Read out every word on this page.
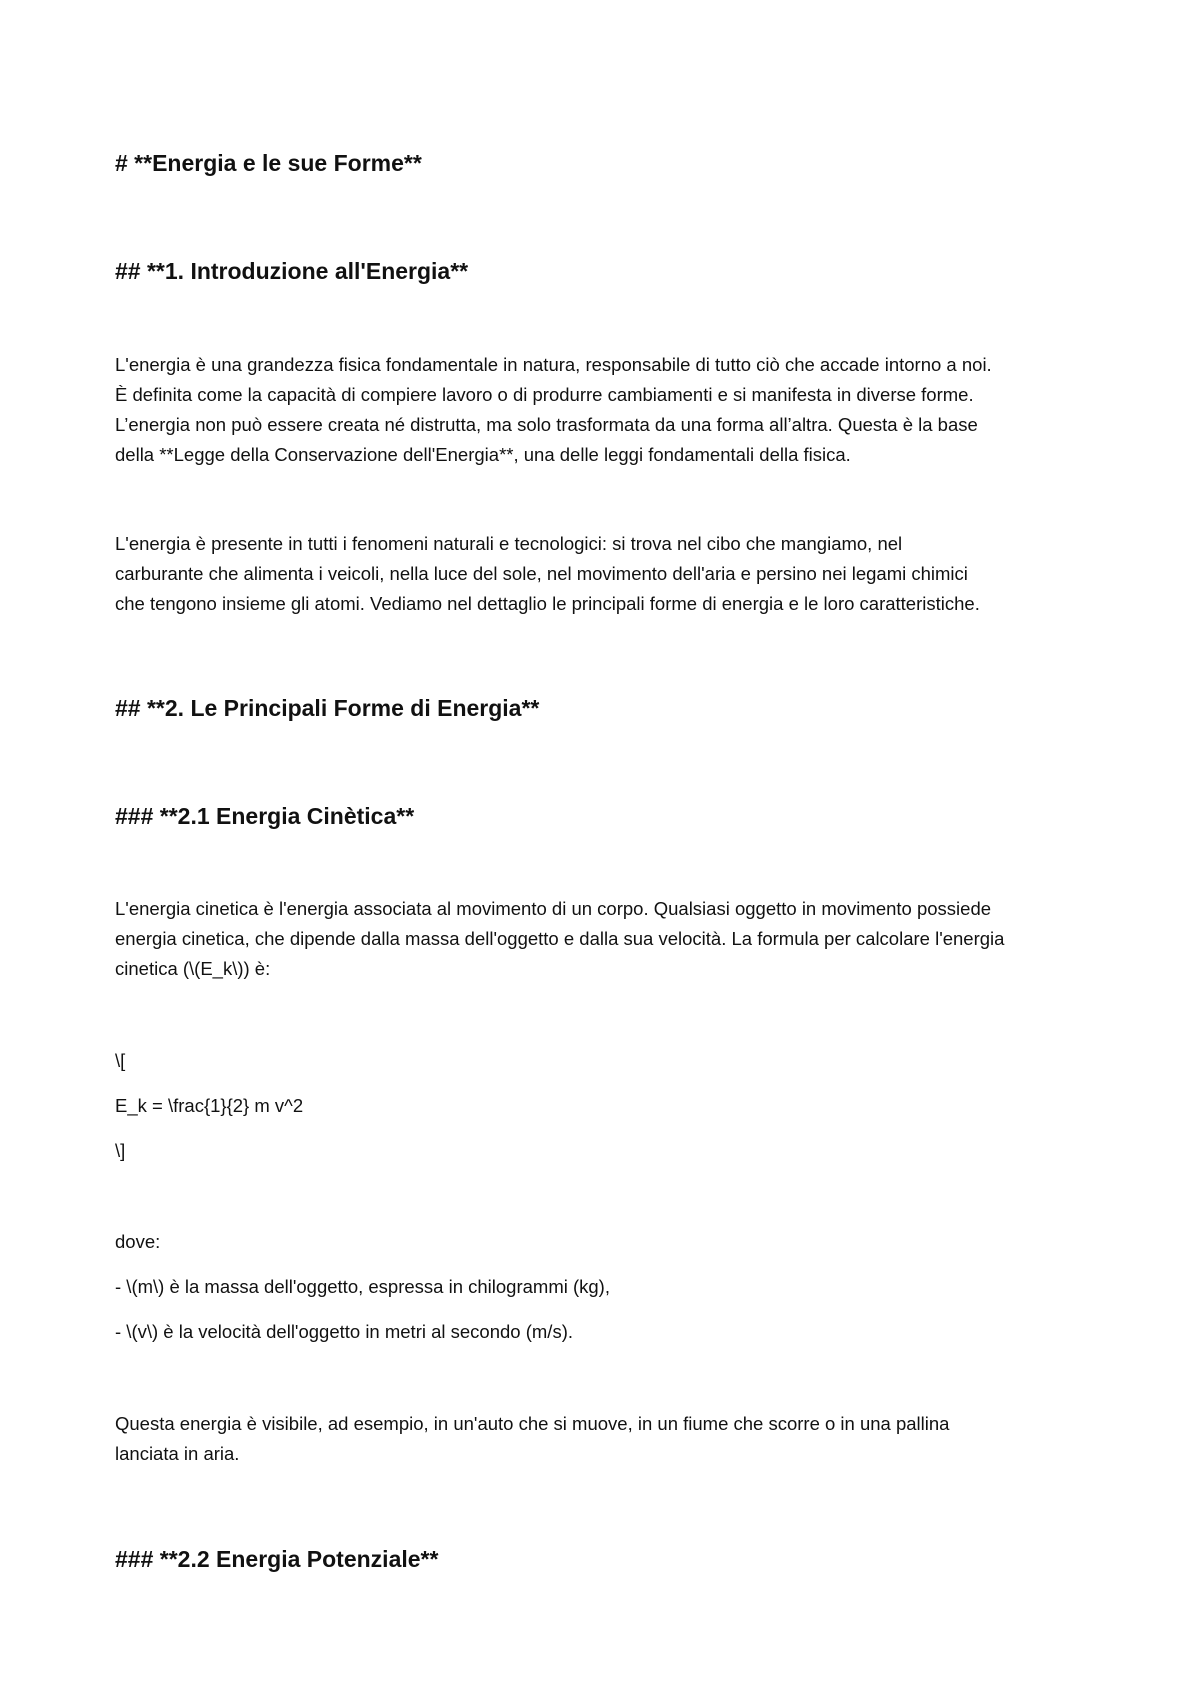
# **Energia e le sue Forme**
## **1. Introduzione all'Energia**

L'energia è una grandezza fisica fondamentale in natura, responsabile di tutto ciò che accade intorno a noi.
È definita come la capacità di compiere lavoro o di produrre cambiamenti e si manifesta in diverse forme.
L’energia non può essere creata né distrutta, ma solo trasformata da una forma all’altra. Questa è la base
della **Legge della Conservazione dell'Energia**, una delle leggi fondamentali della fisica.

L'energia è presente in tutti i fenomeni naturali e tecnologici: si trova nel cibo che mangiamo, nel
carburante che alimenta i veicoli, nella luce del sole, nel movimento dell'aria e persino nei legami chimici
che tengono insieme gli atomi. Vediamo nel dettaglio le principali forme di energia e le loro caratteristiche.

## **2. Le Principali Forme di Energia**
### **2.1 Energia Cinètica**

L'energia cinetica è l'energia associata al movimento di un corpo. Qualsiasi oggetto in movimento possiede
energia cinetica, che dipende dalla massa dell'oggetto e dalla sua velocità. La formula per calcolare l'energia
cinetica (\(E_k\)) è:

\[

E_k = \frac{1}{2} m v^2

\]

dove:

- \(m\) è la massa dell'oggetto, espressa in chilogrammi (kg),

- \(v\) è la velocità dell'oggetto in metri al secondo (m/s).

Questa energia è visibile, ad esempio, in un'auto che si muove, in un fiume che scorre o in una pallina
lanciata in aria.

### **2.2 Energia Potenziale**
